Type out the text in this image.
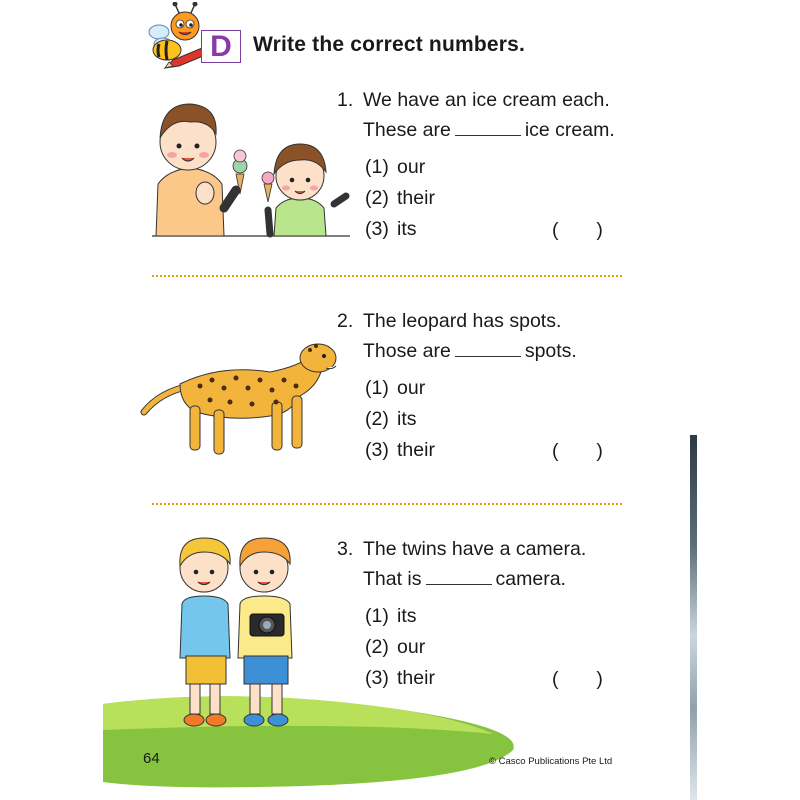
D	Write the correct numbers.
1. We have an ice cream each.
These are	ice cream.
(1) our
(2) their
(3) its	(       )
2. The leopard has spots.
Those are	spots.
(1) our
(2) its
(3) their	(       )
3. The twins have a camera.
That is	camera.
(1) its
(2) our
(3) their	(       )
64	© Casco Publications Pte Ltd
